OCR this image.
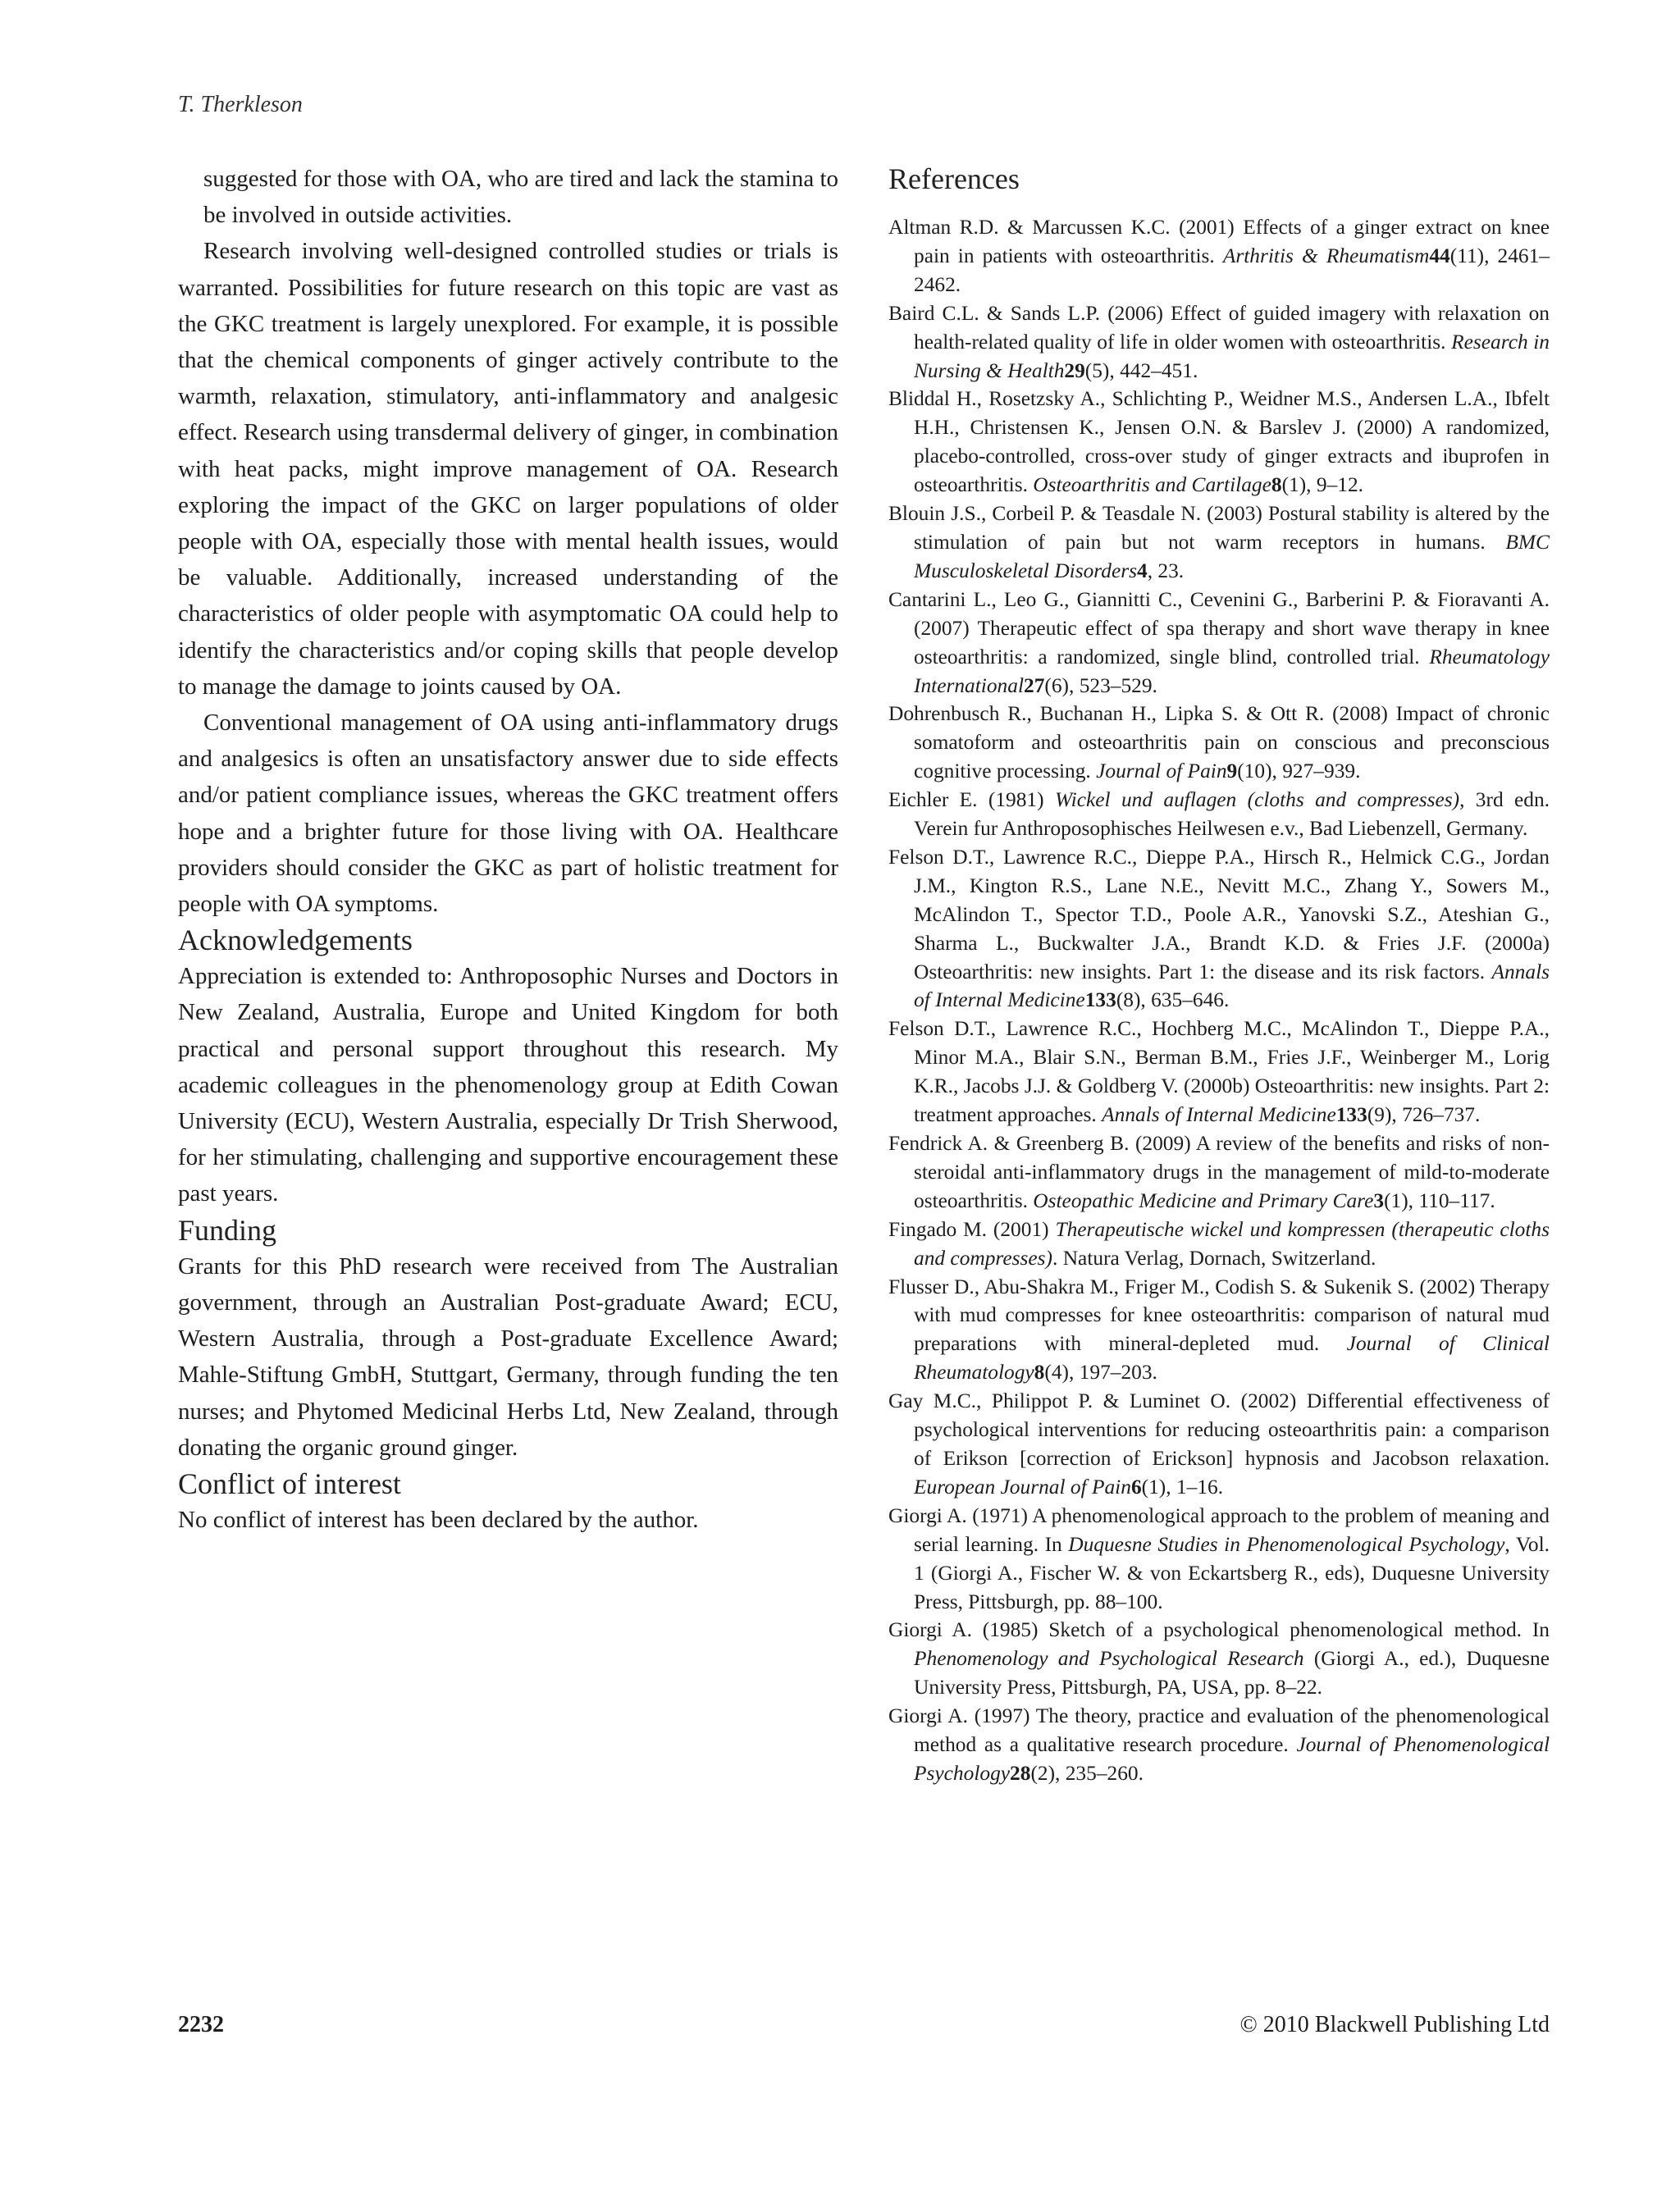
T. Therkleson

suggested for those with OA, who are tired and lack the stamina to be involved in outside activities.

Research involving well-designed controlled studies or trials is warranted. Possibilities for future research on this topic are vast as the GKC treatment is largely unexplored. For example, it is possible that the chemical components of ginger actively contribute to the warmth, relaxation, stimulatory, anti-inflammatory and analgesic effect. Research using transdermal delivery of ginger, in combination with heat packs, might improve management of OA. Research exploring the impact of the GKC on larger populations of older people with OA, especially those with mental health issues, would be valuable. Additionally, increased understanding of the characteristics of older people with asymptomatic OA could help to identify the characteristics and/or coping skills that people develop to manage the damage to joints caused by OA.

Conventional management of OA using anti-inflammatory drugs and analgesics is often an unsatisfactory answer due to side effects and/or patient compliance issues, whereas the GKC treatment offers hope and a brighter future for those living with OA. Healthcare providers should consider the GKC as part of holistic treatment for people with OA symptoms.

Acknowledgements

Appreciation is extended to: Anthroposophic Nurses and Doctors in New Zealand, Australia, Europe and United Kingdom for both practical and personal support throughout this research. My academic colleagues in the phenomenology group at Edith Cowan University (ECU), Western Australia, especially Dr Trish Sherwood, for her stimulating, challenging and supportive encouragement these past years.

Funding

Grants for this PhD research were received from The Australian government, through an Australian Post-graduate Award; ECU, Western Australia, through a Post-graduate Excellence Award; Mahle-Stiftung GmbH, Stuttgart, Germany, through funding the ten nurses; and Phytomed Medicinal Herbs Ltd, New Zealand, through donating the organic ground ginger.

Conflict of interest

No conflict of interest has been declared by the author.

References

Altman R.D. & Marcussen K.C. (2001) Effects of a ginger extract on knee pain in patients with osteoarthritis. Arthritis & Rheumatism44(11), 2461–2462.

Baird C.L. & Sands L.P. (2006) Effect of guided imagery with relaxation on health-related quality of life in older women with osteoarthritis. Research in Nursing & Health29(5), 442–451.

Bliddal H., Rosetzsky A., Schlichting P., Weidner M.S., Andersen L.A., Ibfelt H.H., Christensen K., Jensen O.N. & Barslev J. (2000) A randomized, placebo-controlled, cross-over study of ginger extracts and ibuprofen in osteoarthritis. Osteoarthritis and Cartilage8(1), 9–12.

Blouin J.S., Corbeil P. & Teasdale N. (2003) Postural stability is altered by the stimulation of pain but not warm receptors in humans. BMC Musculoskeletal Disorders4, 23.

Cantarini L., Leo G., Giannitti C., Cevenini G., Barberini P. & Fioravanti A. (2007) Therapeutic effect of spa therapy and short wave therapy in knee osteoarthritis: a randomized, single blind, controlled trial. Rheumatology International27(6), 523–529.

Dohrenbusch R., Buchanan H., Lipka S. & Ott R. (2008) Impact of chronic somatoform and osteoarthritis pain on conscious and preconscious cognitive processing. Journal of Pain9(10), 927–939.

Eichler E. (1981) Wickel und auflagen (cloths and compresses), 3rd edn. Verein fur Anthroposophisches Heilwesen e.v., Bad Liebenzell, Germany.

Felson D.T., Lawrence R.C., Dieppe P.A., Hirsch R., Helmick C.G., Jordan J.M., Kington R.S., Lane N.E., Nevitt M.C., Zhang Y., Sowers M., McAlindon T., Spector T.D., Poole A.R., Yanovski S.Z., Ateshian G., Sharma L., Buckwalter J.A., Brandt K.D. & Fries J.F. (2000a) Osteoarthritis: new insights. Part 1: the disease and its risk factors. Annals of Internal Medicine133(8), 635–646.

Felson D.T., Lawrence R.C., Hochberg M.C., McAlindon T., Dieppe P.A., Minor M.A., Blair S.N., Berman B.M., Fries J.F., Weinberger M., Lorig K.R., Jacobs J.J. & Goldberg V. (2000b) Osteoarthritis: new insights. Part 2: treatment approaches. Annals of Internal Medicine133(9), 726–737.

Fendrick A. & Greenberg B. (2009) A review of the benefits and risks of non-steroidal anti-inflammatory drugs in the management of mild-to-moderate osteoarthritis. Osteopathic Medicine and Primary Care3(1), 110–117.

Fingado M. (2001) Therapeutische wickel und kompressen (therapeutic cloths and compresses). Natura Verlag, Dornach, Switzerland.

Flusser D., Abu-Shakra M., Friger M., Codish S. & Sukenik S. (2002) Therapy with mud compresses for knee osteoarthritis: comparison of natural mud preparations with mineral-depleted mud. Journal of Clinical Rheumatology8(4), 197–203.

Gay M.C., Philippot P. & Luminet O. (2002) Differential effectiveness of psychological interventions for reducing osteoarthritis pain: a comparison of Erikson [correction of Erickson] hypnosis and Jacobson relaxation. European Journal of Pain6(1), 1–16.

Giorgi A. (1971) A phenomenological approach to the problem of meaning and serial learning. In Duquesne Studies in Phenomenological Psychology, Vol. 1 (Giorgi A., Fischer W. & von Eckartsberg R., eds), Duquesne University Press, Pittsburgh, pp. 88–100.

Giorgi A. (1985) Sketch of a psychological phenomenological method. In Phenomenology and Psychological Research (Giorgi A., ed.), Duquesne University Press, Pittsburgh, PA, USA, pp. 8–22.

Giorgi A. (1997) The theory, practice and evaluation of the phenomenological method as a qualitative research procedure. Journal of Phenomenological Psychology28(2), 235–260.

2232	© 2010 Blackwell Publishing Ltd
